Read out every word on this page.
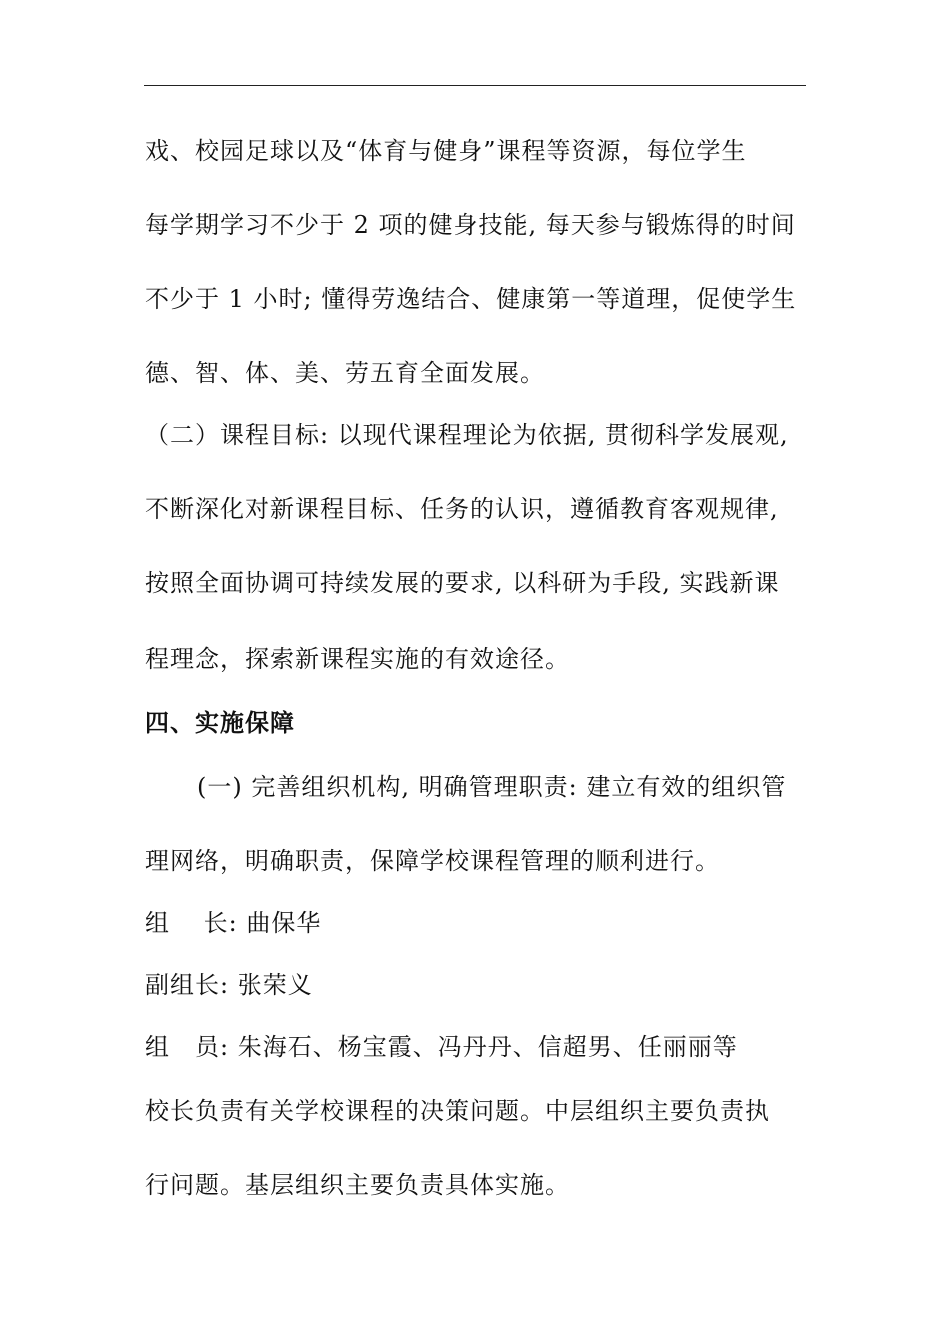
戏、校园足球以及“体育与健身”课程等资源，每位学生
每学期学习不少于 2 项的健身技能, 每天参与锻炼得的时间
不少于 1 小时; 懂得劳逸结合、健康第一等道理，促使学生
德、智、体、美、劳五育全面发展。
（二）课程目标: 以现代课程理论为依据, 贯彻科学发展观,
不断深化对新课程目标、任务的认识，遵循教育客观规律,
按照全面协调可持续发展的要求, 以科研为手段, 实践新课
程理念，探索新课程实施的有效途径。
四、实施保障
(一) 完善组织机构, 明确管理职责: 建立有效的组织管
理网络，明确职责，保障学校课程管理的顺利进行。
组　 长: 曲保华
副组长: 张荣义
组　员: 朱海石、杨宝霞、冯丹丹、信超男、任丽丽等
校长负责有关学校课程的决策问题。中层组织主要负责执
行问题。基层组织主要负责具体实施。
